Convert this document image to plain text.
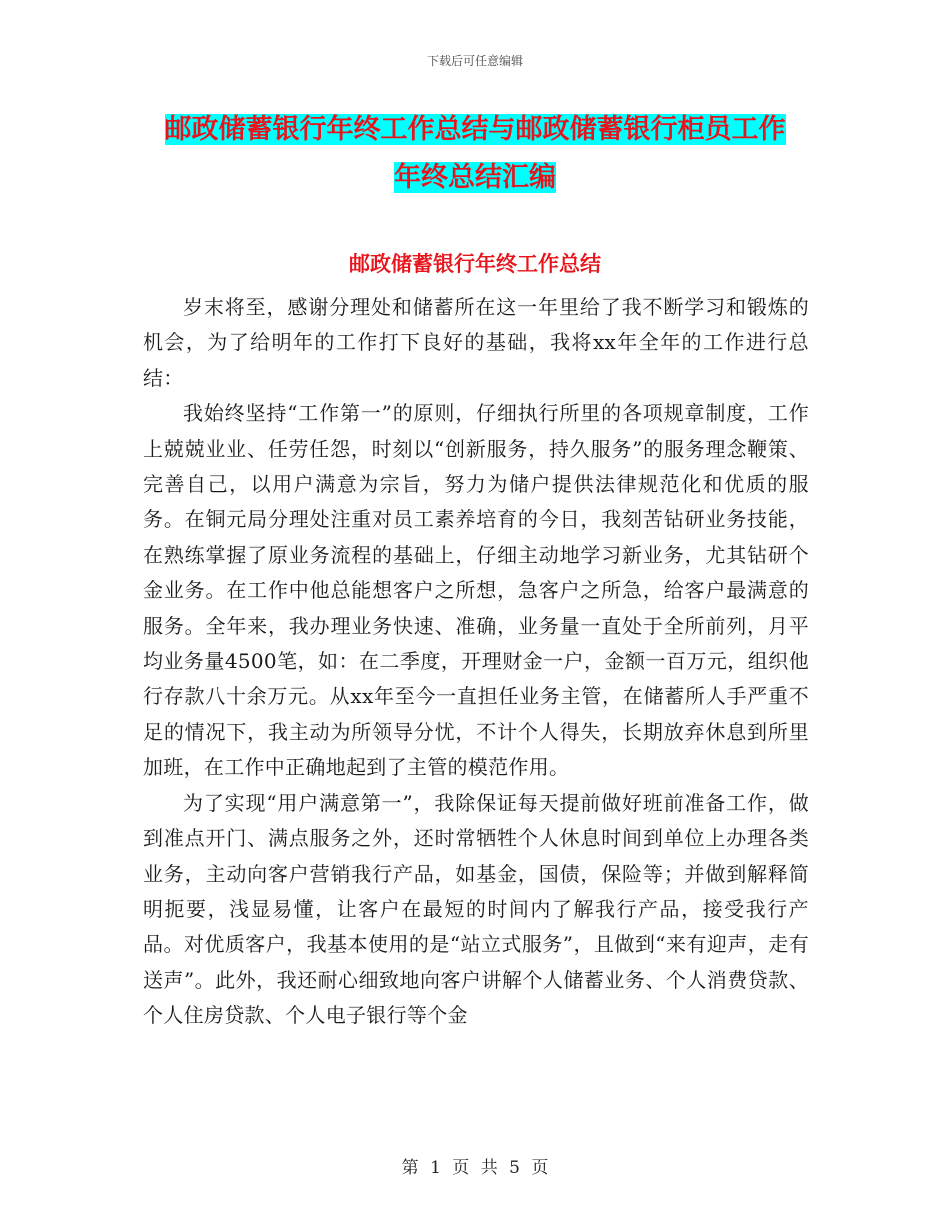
下载后可任意编辑
邮政储蓄银行年终工作总结与邮政储蓄银行柜员工作
年终总结汇编
邮政储蓄银行年终工作总结

岁末将至，感谢分理处和储蓄所在这一年里给了我不断学习和锻炼的机会，为了给明年的工作打下良好的基础，我将xx年全年的工作进行总结：

我始终坚持“工作第一”的原则，仔细执行所里的各项规章制度，工作上兢兢业业、任劳任怨，时刻以“创新服务，持久服务”的服务理念鞭策、完善自己，以用户满意为宗旨，努力为储户提供法律规范化和优质的服务。在铜元局分理处注重对员工素养培育的今日，我刻苦钻研业务技能，在熟练掌握了原业务流程的基础上，仔细主动地学习新业务，尤其钻研个金业务。在工作中他总能想客户之所想，急客户之所急，给客户最满意的服务。全年来，我办理业务快速、准确，业务量一直处于全所前列，月平均业务量4500笔，如：在二季度，开理财金一户，金额一百万元，组织他行存款八十余万元。从xx年至今一直担任业务主管，在储蓄所人手严重不足的情况下，我主动为所领导分忧，不计个人得失，长期放弃休息到所里加班，在工作中正确地起到了主管的模范作用。

为了实现“用户满意第一”，我除保证每天提前做好班前准备工作，做到准点开门、满点服务之外，还时常牺牲个人休息时间到单位上办理各类业务，主动向客户营销我行产品，如基金，国债，保险等；并做到解释简明扼要，浅显易懂，让客户在最短的时间内了解我行产品，接受我行产品。对优质客户，我基本使用的是“站立式服务”，且做到“来有迎声，走有送声”。此外，我还耐心细致地向客户讲解个人储蓄业务、个人消费贷款、个人住房贷款、个人电子银行等个金

第 1 页 共 5 页
